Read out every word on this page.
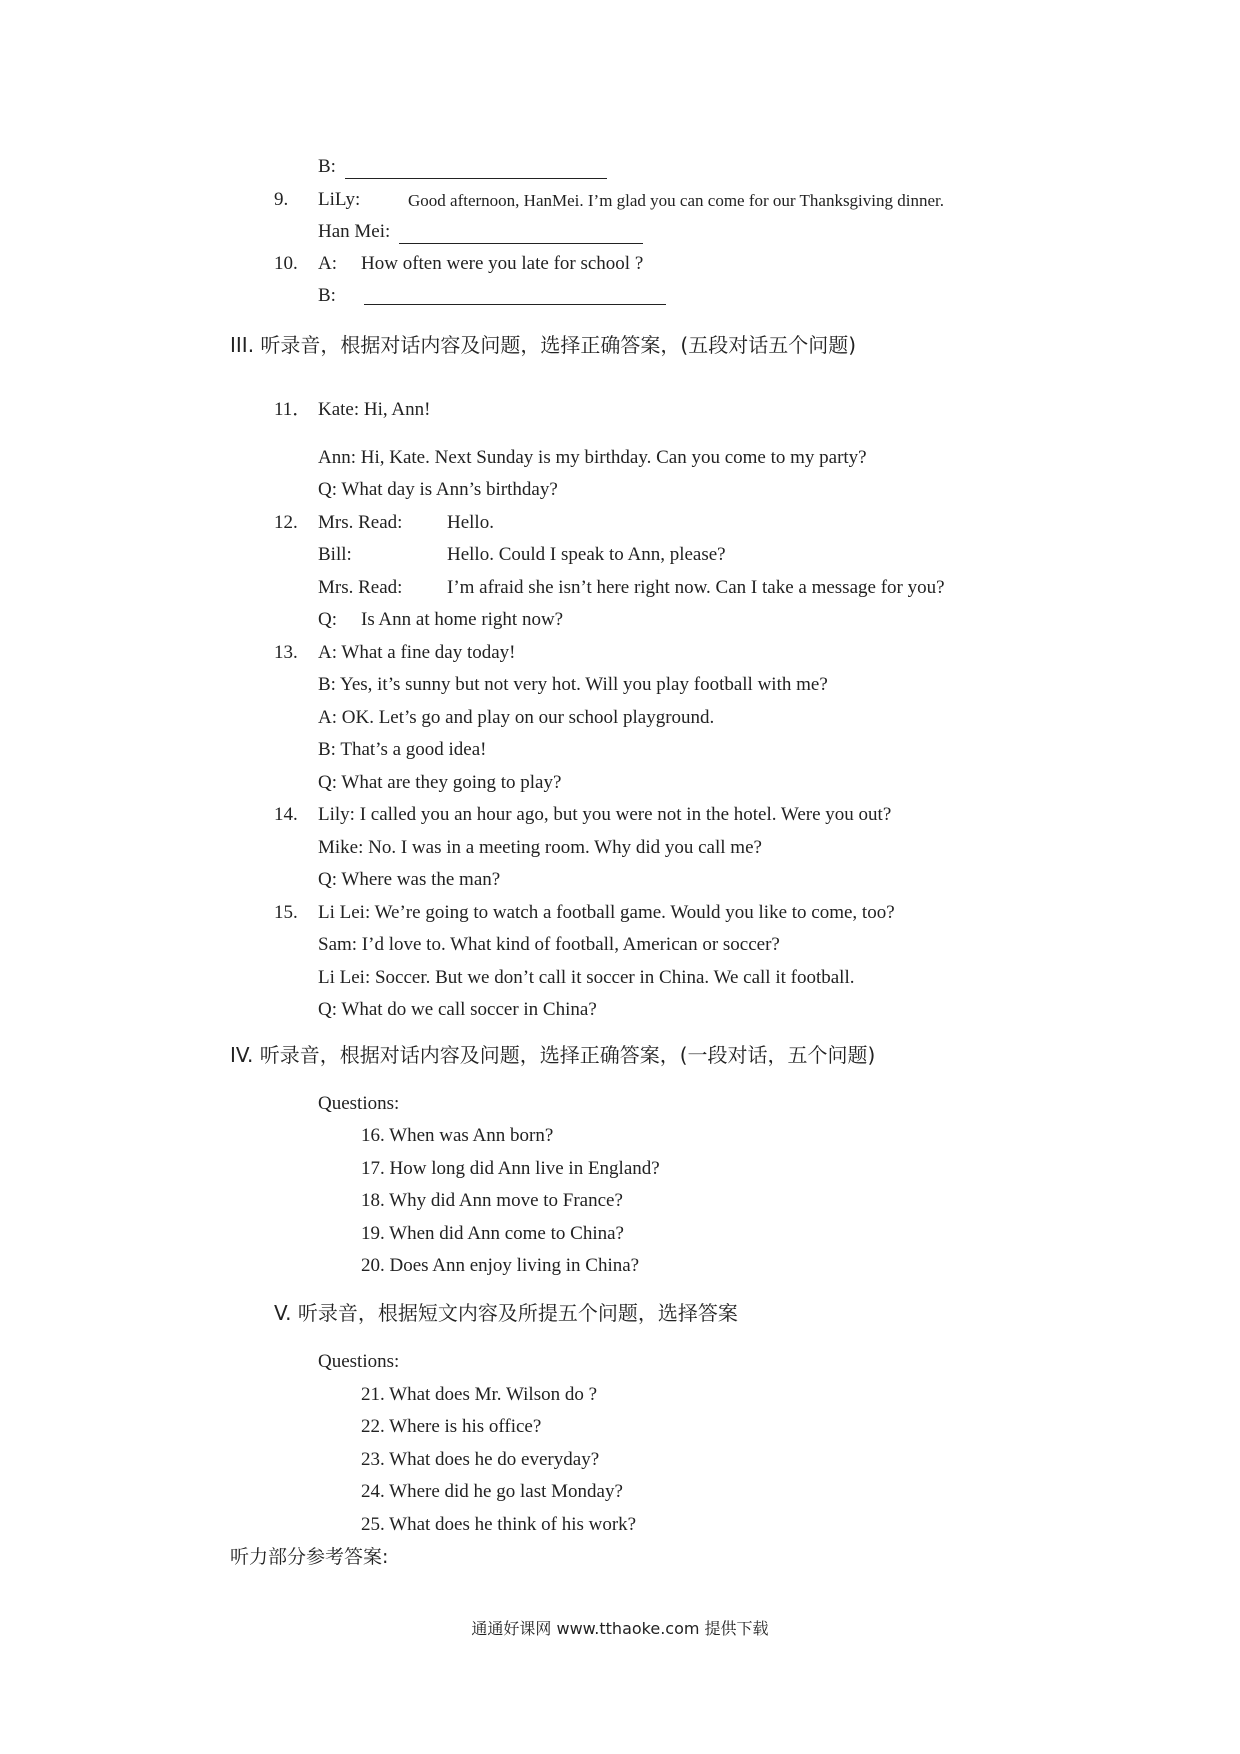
B:
9. LiLy:	Good afternoon, HanMei. I’m glad you can come for our Thanksgiving dinner.
Han Mei:
10. A: How often were you late for school ?
B:
III. 听录音，根据对话内容及问题，选择正确答案，(五段对话五个问题)
11． Kate: Hi, Ann!
Ann: Hi, Kate. Next Sunday is my birthday. Can you come to my party?
Q: What day is Ann’s birthday?
12. Mrs. Read: Hello.
Bill:	Hello. Could I speak to Ann, please?
Mrs. Read: I’m afraid she isn’t here right now. Can I take a message for you?
Q: Is Ann at home right now?
13. A: What a fine day today!
B: Yes, it’s sunny but not very hot. Will you play football with me?
A: OK. Let’s go and play on our school playground.
B: That’s a good idea!
Q: What are they going to play?
14. Lily: I called you an hour ago, but you were not in the hotel. Were you out?
Mike: No. I was in a meeting room. Why did you call me?
Q: Where was the man?
15. Li Lei: We’re going to watch a football game. Would you like to come, too?
Sam: I’d love to. What kind of football, American or soccer?
Li Lei: Soccer. But we don’t call it soccer in China. We call it football.
Q: What do we call soccer in China?
IV. 听录音，根据对话内容及问题，选择正确答案，(一段对话，五个问题)
Questions:
16. When was Ann born?
17. How long did Ann live in England?
18. Why did Ann move to France?
19. When did Ann come to China?
20. Does Ann enjoy living in China?
V. 听录音，根据短文内容及所提五个问题，选择答案
Questions:
21. What does Mr. Wilson do ?
22. Where is his office?
23. What does he do everyday?
24. Where did he go last Monday?
25. What does he think of his work?
听力部分参考答案:
通通好课网 www.tthaoke.com 提供下载
